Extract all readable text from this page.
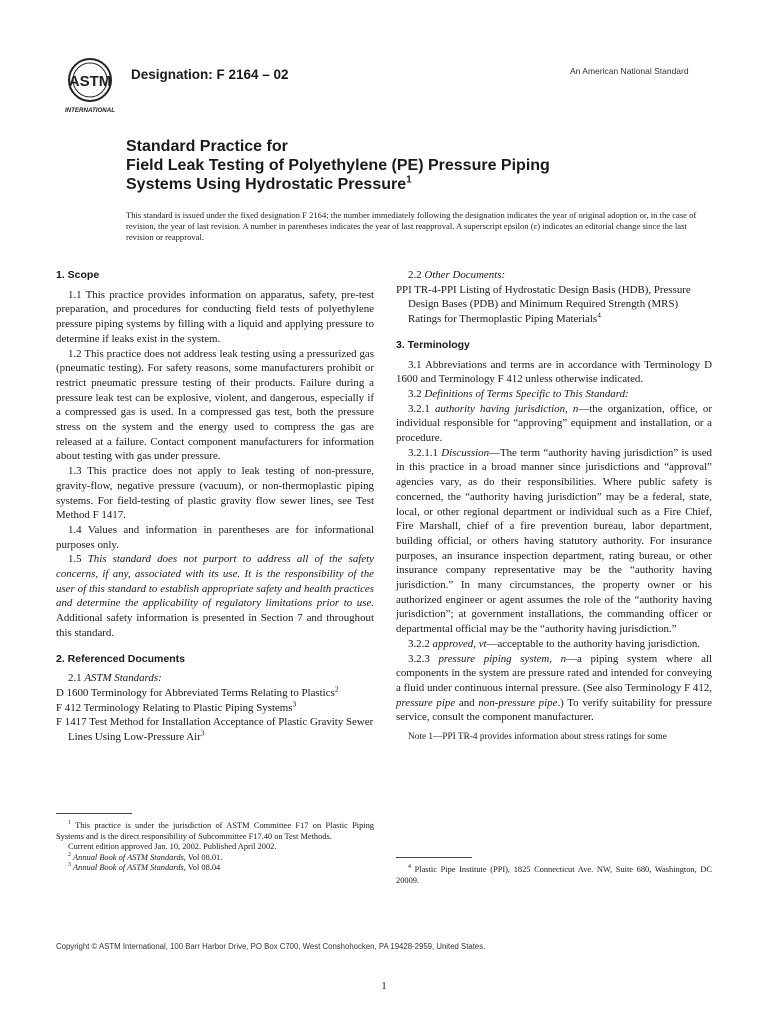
ASTM
INTERNATIONAL
Designation: F 2164 – 02	An American National Standard
Standard Practice for
Field Leak Testing of Polyethylene (PE) Pressure Piping
Systems Using Hydrostatic Pressure$^1$
This standard is issued under the fixed designation F 2164; the number immediately following the designation indicates the year of original adoption or, in the case of revision, the year of last revision. A number in parentheses indicates the year of last reapproval. A superscript epsilon (ε) indicates an editorial change since the last revision or reapproval.
1. Scope

1.1 This practice provides information on apparatus, safety, pre-test preparation, and procedures for conducting field tests of polyethylene pressure piping systems by filling with a liquid and applying pressure to determine if leaks exist in the system.

1.2 This practice does not address leak testing using a pressurized gas (pneumatic testing). For safety reasons, some manufacturers prohibit or restrict pneumatic pressure testing of their products. Failure during a pressure leak test can be explosive, violent, and dangerous, especially if a compressed gas is used. In a compressed gas test, both the pressure stress on the system and the energy used to compress the gas are released at a failure. Contact component manufacturers for information about testing with gas under pressure.

1.3 This practice does not apply to leak testing of non-pressure, gravity-flow, negative pressure (vacuum), or non-thermoplastic piping systems. For field-testing of plastic gravity flow sewer lines, see Test Method F 1417.

1.4 Values and information in parentheses are for informational purposes only.

1.5 This standard does not purport to address all of the safety concerns, if any, associated with its use. It is the responsibility of the user of this standard to establish appropriate safety and health practices and determine the applicability of regulatory limitations prior to use. Additional safety information is presented in Section 7 and throughout this standard.

2. Referenced Documents

2.1 ASTM Standards:

D 1600 Terminology for Abbreviated Terms Relating to Plastics$^2$

F 412 Terminology Relating to Plastic Piping Systems$^3$

F 1417 Test Method for Installation Acceptance of Plastic Gravity Sewer Lines Using Low-Pressure Air$^3$

$^1$ This practice is under the jurisdiction of ASTM Committee F17 on Plastic Piping Systems and is the direct responsibility of Subcommittee F17.40 on Test Methods.

Current edition approved Jan. 10, 2002. Published April 2002.

$^2$ Annual Book of ASTM Standards, Vol 08.01.

$^3$ Annual Book of ASTM Standards, Vol 08.04

2.2 Other Documents:

PPI TR-4-PPI Listing of Hydrostatic Design Basis (HDB), Pressure Design Bases (PDB) and Minimum Required Strength (MRS) Ratings for Thermoplastic Piping Materials$^4$

3. Terminology

3.1 Abbreviations and terms are in accordance with Terminology D 1600 and Terminology F 412 unless otherwise indicated.

3.2 Definitions of Terms Specific to This Standard:

3.2.1 authority having jurisdiction, n—the organization, office, or individual responsible for “approving” equipment and installation, or a procedure.

3.2.1.1 Discussion—The term “authority having jurisdiction” is used in this practice in a broad manner since jurisdictions and “approval” agencies vary, as do their responsibilities. Where public safety is concerned, the “authority having jurisdiction” may be a federal, state, local, or other regional department or individual such as a Fire Chief, Fire Marshall, chief of a fire prevention bureau, labor department, building official, or others having statutory authority. For insurance purposes, an insurance inspection department, rating bureau, or other insurance company representative may be the “authority having jurisdiction.” In many circumstances, the property owner or his authorized engineer or agent assumes the role of the “authority having jurisdiction”; at government installations, the commanding officer or departmental official may be the “authority having jurisdiction.”

3.2.2 approved, vt—acceptable to the authority having jurisdiction.

3.2.3 pressure piping system, n—a piping system where all components in the system are pressure rated and intended for conveying a fluid under continuous internal pressure. (See also Terminology F 412, pressure pipe and non-pressure pipe.) To verify suitability for pressure service, consult the component manufacturer.

Note 1—PPI TR-4 provides information about stress ratings for some

$^4$ Plastic Pipe Institute (PPI), 1825 Connecticut Ave. NW, Suite 680, Washington, DC 20009.
Copyright © ASTM International, 100 Barr Harbor Drive, PO Box C700, West Conshohocken, PA 19428-2959, United States.
1
